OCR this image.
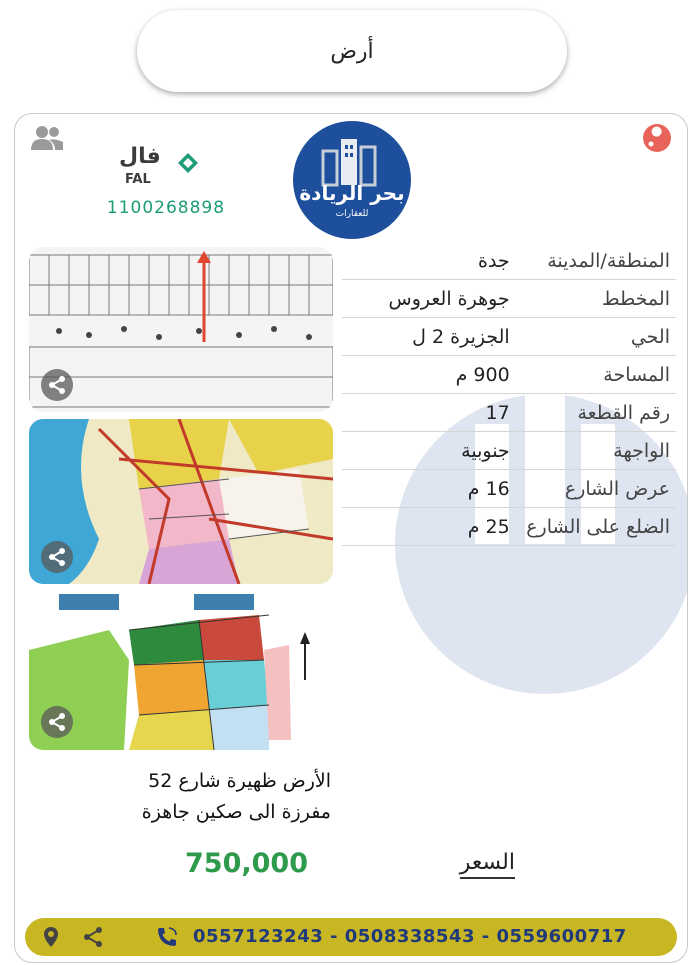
أرض
فال
FAL
1100268898
بحر الريادة
للعقارات
المنطقة/المدينة	جدة
المخطط	جوهرة العروس
الحي	الجزيرة 2 ل
المساحة	900 م
رقم القطعة	17
الواجهة	جنوبية
عرض الشارع	16 م
الضلع على الشارع	25 م
الأرض ظهيرة شارع 52
مفرزة الى صكين جاهزة
750,000	السعر
0557123243 - 0508338543 - 0559600717
